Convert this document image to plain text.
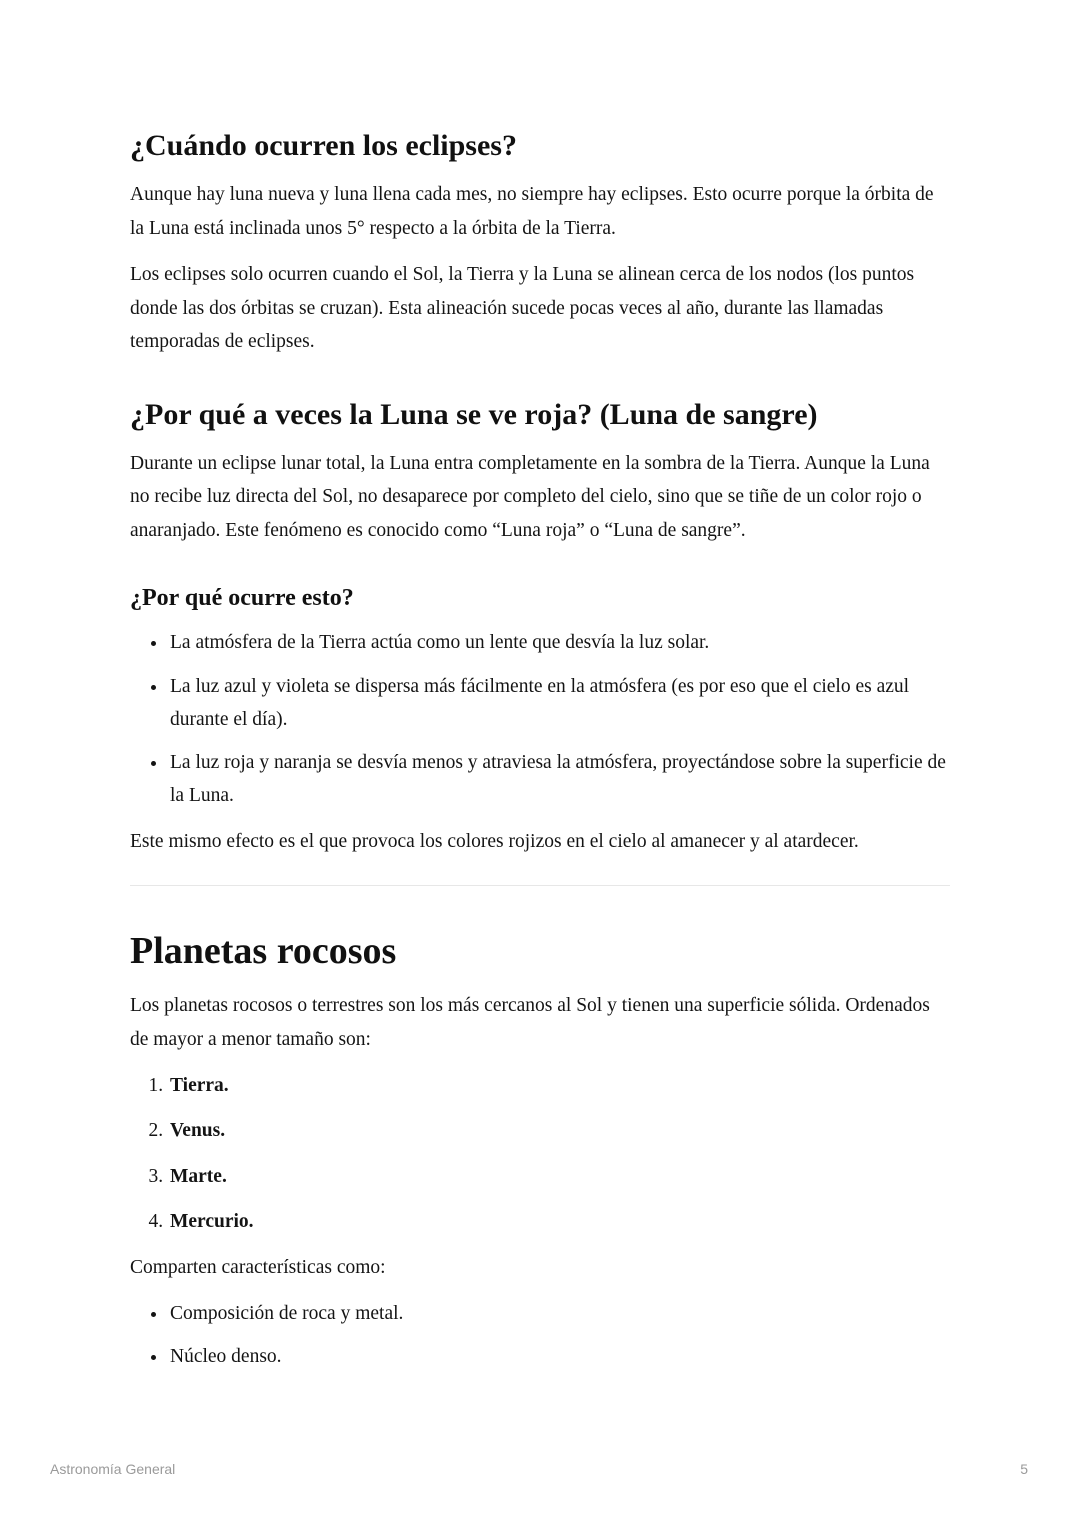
¿Cuándo ocurren los eclipses?

Aunque hay luna nueva y luna llena cada mes, no siempre hay eclipses. Esto ocurre porque la órbita de la Luna está inclinada unos 5° respecto a la órbita de la Tierra.

Los eclipses solo ocurren cuando el Sol, la Tierra y la Luna se alinean cerca de los nodos (los puntos donde las dos órbitas se cruzan). Esta alineación sucede pocas veces al año, durante las llamadas temporadas de eclipses.

¿Por qué a veces la Luna se ve roja? (Luna de sangre)

Durante un eclipse lunar total, la Luna entra completamente en la sombra de la Tierra. Aunque la Luna no recibe luz directa del Sol, no desaparece por completo del cielo, sino que se tiñe de un color rojo o anaranjado. Este fenómeno es conocido como “Luna roja” o “Luna de sangre”.

¿Por qué ocurre esto?
• La atmósfera de la Tierra actúa como un lente que desvía la luz solar.
• La luz azul y violeta se dispersa más fácilmente en la atmósfera (es por eso que el cielo es azul durante el día).
• La luz roja y naranja se desvía menos y atraviesa la atmósfera, proyectándose sobre la superficie de la Luna.

Este mismo efecto es el que provoca los colores rojizos en el cielo al amanecer y al atardecer.

Planetas rocosos

Los planetas rocosos o terrestres son los más cercanos al Sol y tienen una superficie sólida. Ordenados de mayor a menor tamaño son:

1. Tierra.
2. Venus.
3. Marte.
4. Mercurio.

Comparten características como:

• Composición de roca y metal.
• Núcleo denso.
Astronomía General	5
